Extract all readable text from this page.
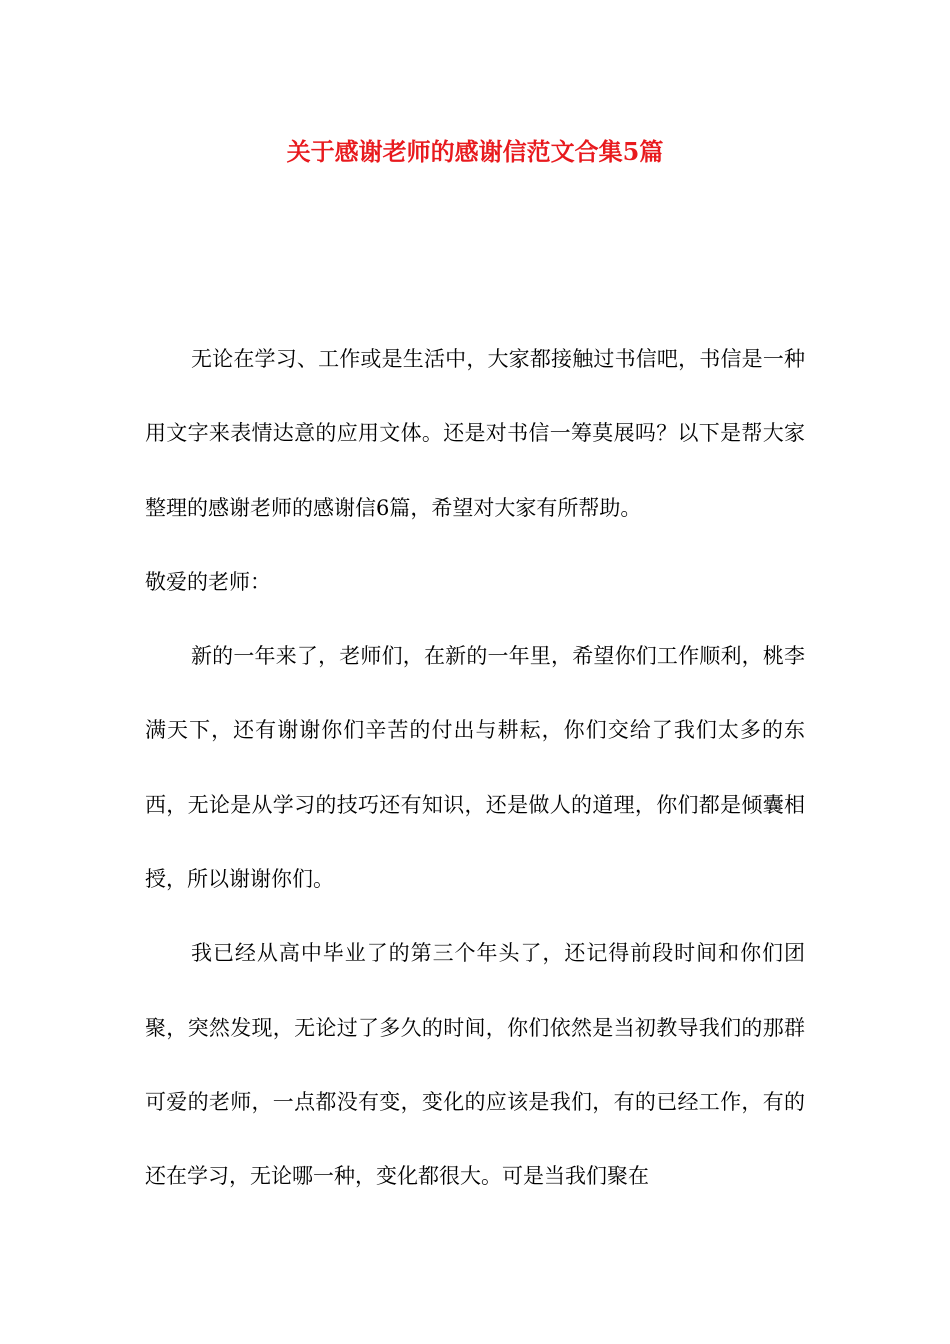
关于感谢老师的感谢信范文合集5篇

无论在学习、工作或是生活中，大家都接触过书信吧，书信是一种用文字来表情达意的应用文体。还是对书信一筹莫展吗？以下是帮大家整理的感谢老师的感谢信6篇，希望对大家有所帮助。

敬爱的老师：

新的一年来了，老师们，在新的一年里，希望你们工作顺利，桃李满天下，还有谢谢你们辛苦的付出与耕耘，你们交给了我们太多的东西，无论是从学习的技巧还有知识，还是做人的道理，你们都是倾囊相授，所以谢谢你们。

我已经从高中毕业了的第三个年头了，还记得前段时间和你们团聚，突然发现，无论过了多久的时间，你们依然是当初教导我们的那群可爱的老师，一点都没有变，变化的应该是我们，有的已经工作，有的还在学习，无论哪一种，变化都很大。可是当我们聚在
